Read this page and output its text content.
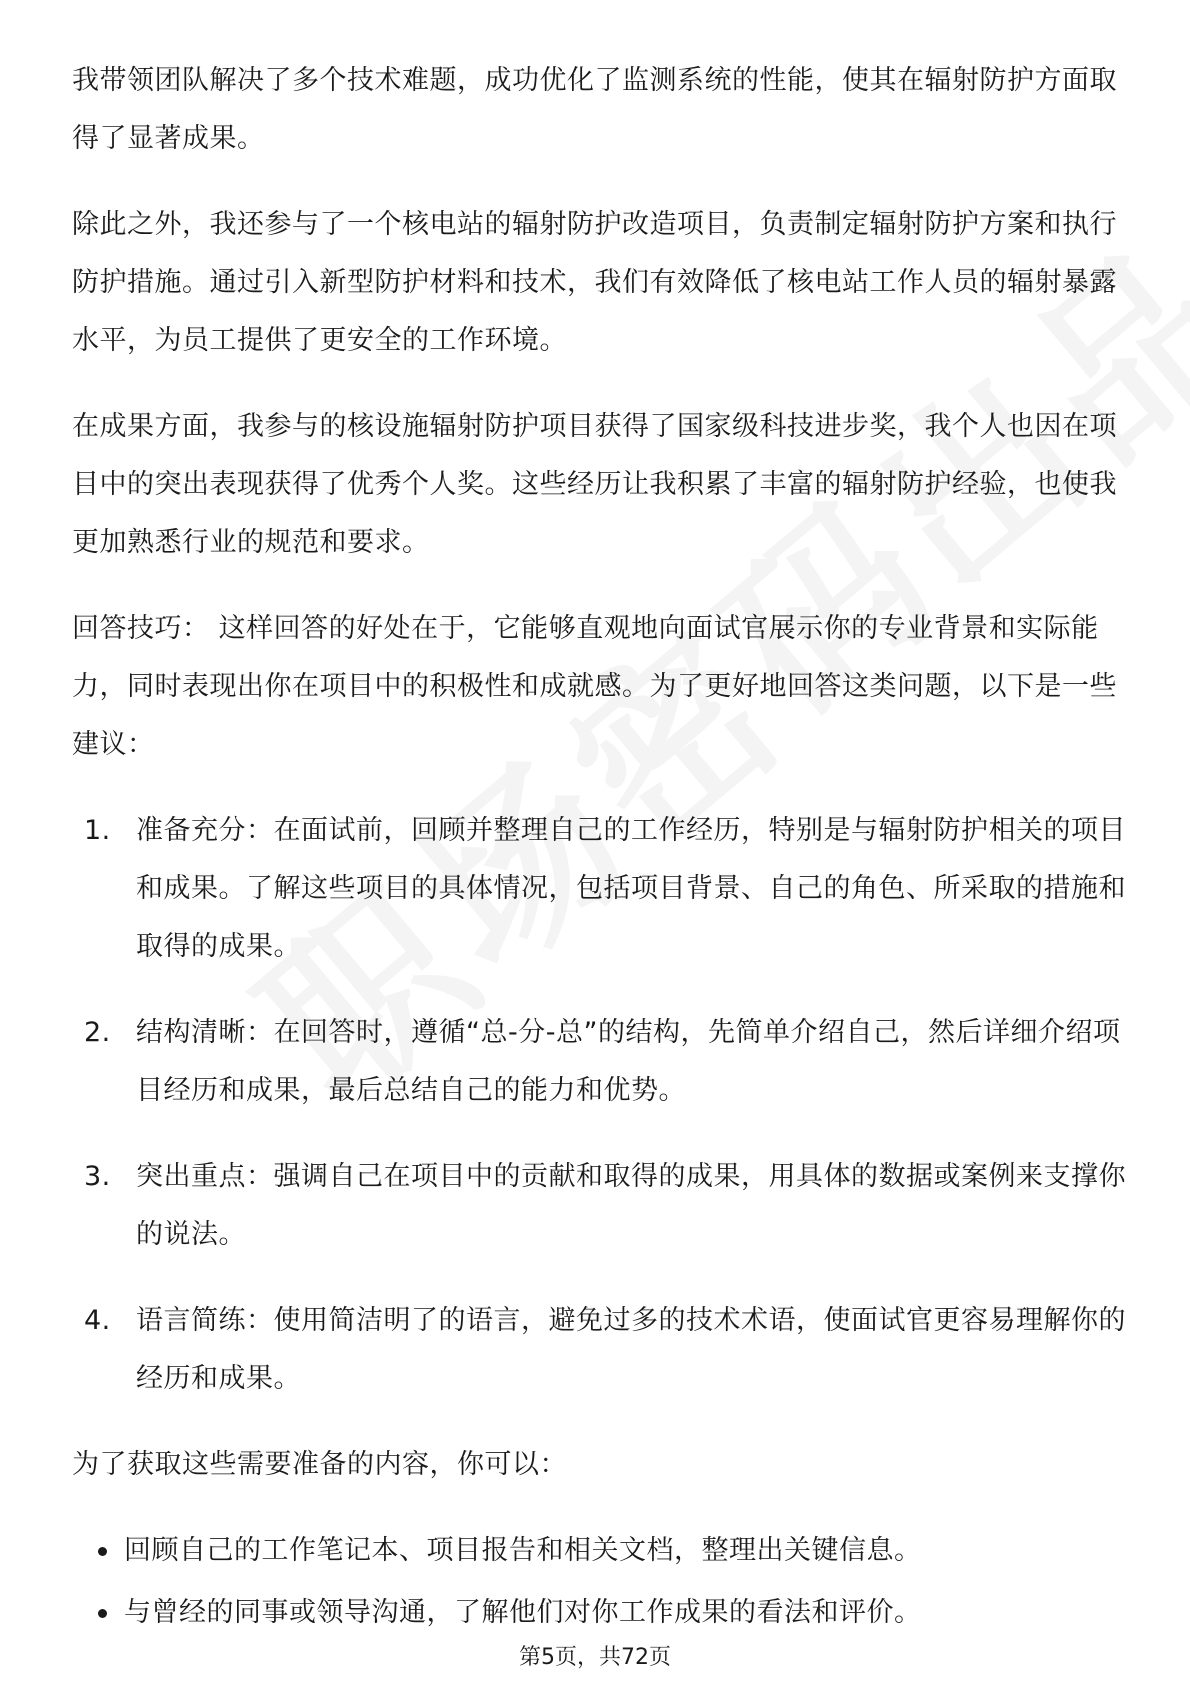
我带领团队解决了多个技术难题，成功优化了监测系统的性能，使其在辐射防护方面取得了显著成果。

除此之外，我还参与了一个核电站的辐射防护改造项目，负责制定辐射防护方案和执行防护措施。通过引入新型防护材料和技术，我们有效降低了核电站工作人员的辐射暴露水平，为员工提供了更安全的工作环境。

在成果方面，我参与的核设施辐射防护项目获得了国家级科技进步奖，我个人也因在项目中的突出表现获得了优秀个人奖。这些经历让我积累了丰富的辐射防护经验，也使我更加熟悉行业的规范和要求。

回答技巧： 这样回答的好处在于，它能够直观地向面试官展示你的专业背景和实际能力，同时表现出你在项目中的积极性和成就感。为了更好地回答这类问题，以下是一些建议：

1. 准备充分：在面试前，回顾并整理自己的工作经历，特别是与辐射防护相关的项目和成果。了解这些项目的具体情况，包括项目背景、自己的角色、所采取的措施和取得的成果。
2. 结构清晰：在回答时，遵循“总-分-总”的结构，先简单介绍自己，然后详细介绍项目经历和成果，最后总结自己的能力和优势。
3. 突出重点：强调自己在项目中的贡献和取得的成果，用具体的数据或案例来支撑你的说法。
4. 语言简练：使用简洁明了的语言，避免过多的技术术语，使面试官更容易理解你的经历和成果。

为了获取这些需要准备的内容，你可以：

回顾自己的工作笔记本、项目报告和相关文档，整理出关键信息。
与曾经的同事或领导沟通，了解他们对你工作成果的看法和评价。
第5页，共72页
